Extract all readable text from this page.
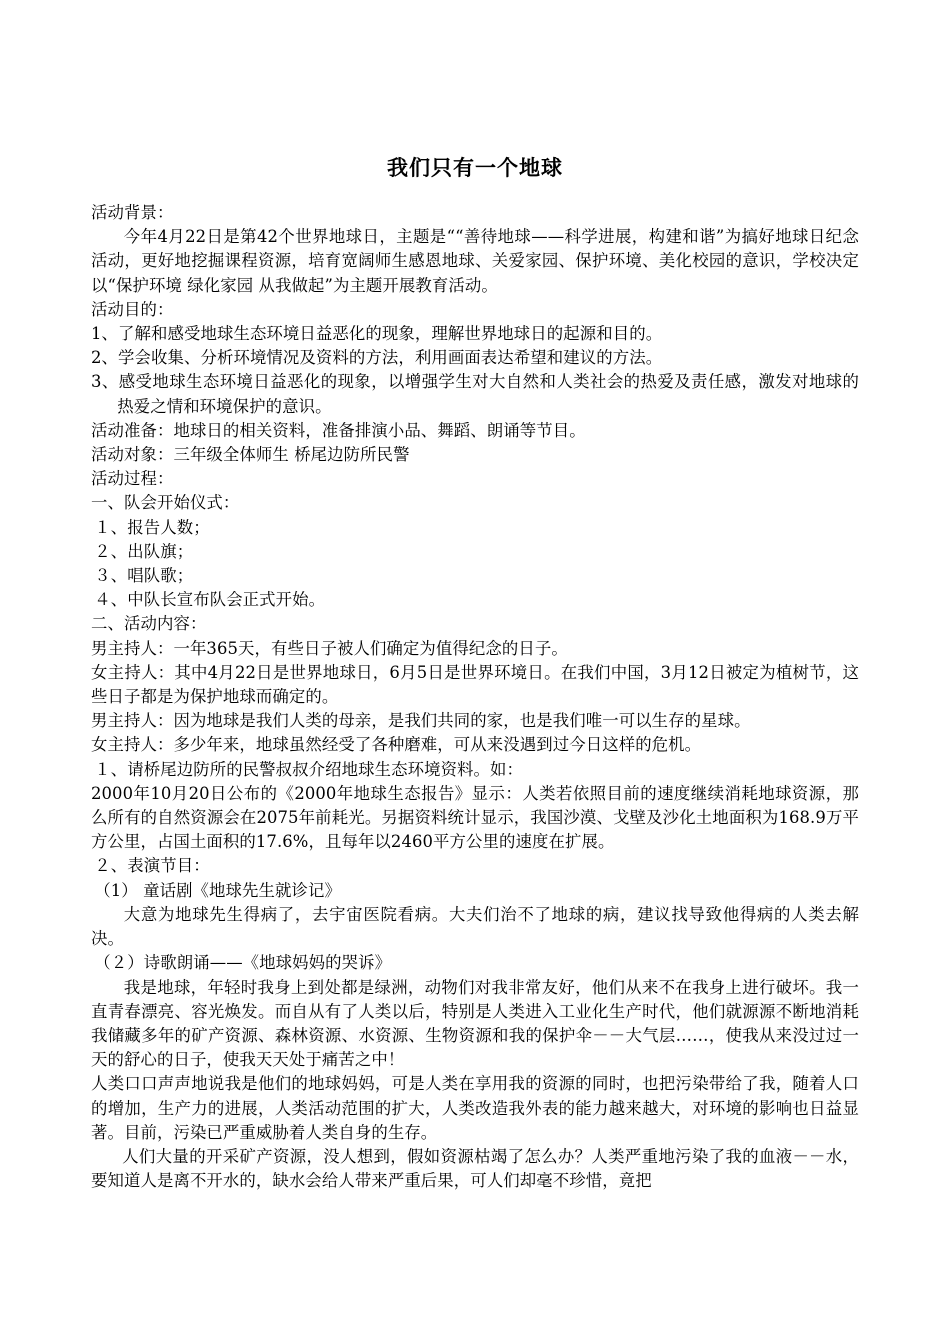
我们只有一个地球

活动背景：

今年4月22日是第42个世界地球日，主题是““善待地球——科学进展，构建和谐”为搞好地球日纪念活动，更好地挖掘课程资源，培育宽阔师生感恩地球、关爱家园、保护环境、美化校园的意识，学校决定以“保护环境 绿化家园 从我做起”为主题开展教育活动。

活动目的：

1、了解和感受地球生态环境日益恶化的现象，理解世界地球日的起源和目的。

2、学会收集、分析环境情况及资料的方法，利用画面表达希望和建议的方法。

3、感受地球生态环境日益恶化的现象，以增强学生对大自然和人类社会的热爱及责任感，激发对地球的热爱之情和环境保护的意识。

活动准备：地球日的相关资料，准备排演小品、舞蹈、朗诵等节目。

活动对象：三年级全体师生 桥尾边防所民警

活动过程：

一、队会开始仪式：

１、报告人数；

２、出队旗；

３、唱队歌；

４、中队长宣布队会正式开始。

二、活动内容：

男主持人：一年365天，有些日子被人们确定为值得纪念的日子。

女主持人：其中4月22日是世界地球日，6月5日是世界环境日。在我们中国，3月12日被定为植树节，这些日子都是为保护地球而确定的。

男主持人：因为地球是我们人类的母亲，是我们共同的家，也是我们唯一可以生存的星球。

女主持人：多少年来，地球虽然经受了各种磨难，可从来没遇到过今日这样的危机。

１、请桥尾边防所的民警叔叔介绍地球生态环境资料。如：

2000年10月20日公布的《2000年地球生态报告》显示：人类若依照目前的速度继续消耗地球资源，那么所有的自然资源会在2075年前耗光。另据资料统计显示，我国沙漠、戈壁及沙化土地面积为168.9万平方公里，占国土面积的17.6%，且每年以2460平方公里的速度在扩展。

２、表演节目：

（1） 童话剧《地球先生就诊记》

大意为地球先生得病了，去宇宙医院看病。大夫们治不了地球的病，建议找导致他得病的人类去解决。

（２）诗歌朗诵——《地球妈妈的哭诉》

我是地球，年轻时我身上到处都是绿洲，动物们对我非常友好，他们从来不在我身上进行破坏。我一直青春漂亮、容光焕发。而自从有了人类以后，特别是人类进入工业化生产时代，他们就源源不断地消耗我储藏多年的矿产资源、森林资源、水资源、生物资源和我的保护伞－－大气层……，使我从来没过过一天的舒心的日子，使我天天处于痛苦之中！

人类口口声声地说我是他们的地球妈妈，可是人类在享用我的资源的同时，也把污染带给了我，随着人口的增加，生产力的进展，人类活动范围的扩大，人类改造我外表的能力越来越大，对环境的影响也日益显著。目前，污染已严重威胁着人类自身的生存。

人们大量的开采矿产资源，没人想到，假如资源枯竭了怎么办？人类严重地污染了我的血液－－水，要知道人是离不开水的，缺水会给人带来严重后果，可人们却毫不珍惜，竟把
